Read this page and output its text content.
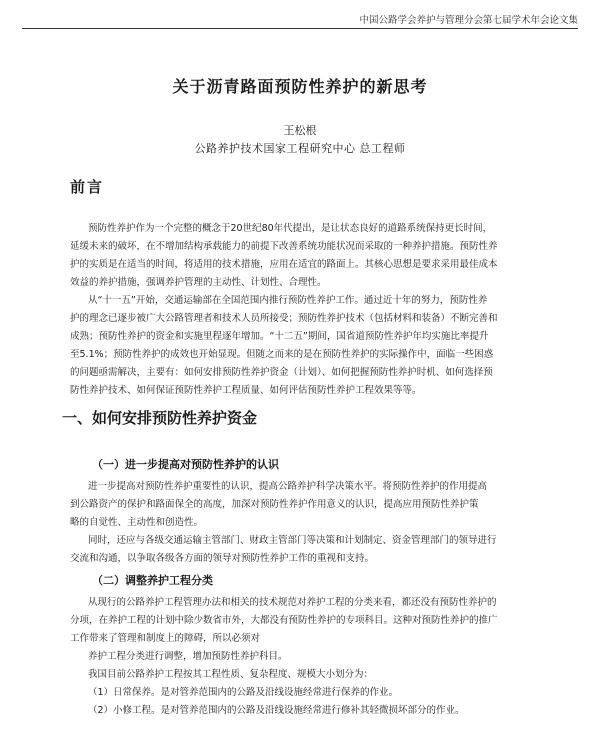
中国公路学会养护与管理分会第七届学术年会论文集
关于沥青路面预防性养护的新思考
王松根
公路养护技术国家工程研究中心 总工程师
前言
预防性养护作为一个完整的概念于20世纪80年代提出，是让状态良好的道路系统保持更长时间，
延缓未来的破坏，在不增加结构承载能力的前提下改善系统功能状况而采取的一种养护措施。预防性养
护的实质是在适当的时间，将适用的技术措施，应用在适宜的路面上。其核心思想是要求采用最佳成本
效益的养护措施，强调养护管理的主动性、计划性、合理性。
从“十一五”开始，交通运输部在全国范围内推行预防性养护工作。通过近十年的努力，预防性养
护的理念已逐步被广大公路管理者和技术人员所接受；预防性养护技术（包括材料和装备）不断完善和
成熟；预防性养护的资金和实施里程逐年增加。“十二五”期间，国省道预防性养护年均实施比率提升
至5.1%；预防性养护的成效也开始显现。但随之而来的是在预防性养护的实际操作中，面临一些困惑
的问题亟需解决，主要有：如何安排预防性养护资金（计划）、如何把握预防性养护时机、如何选择预
防性养护技术、如何保证预防性养护工程质量、如何评估预防性养护工程效果等等。
一、如何安排预防性养护资金
（一）进一步提高对预防性养护的认识
进一步提高对预防性养护重要性的认识，提高公路养护科学决策水平。将预防性养护的作用提高
到公路资产的保护和路面保全的高度，加深对预防性养护作用意义的认识，提高应用预防性养护策
略的自觉性、主动性和创造性。
同时，还应与各级交通运输主管部门、财政主管部门等决策和计划制定、资金管理部门的领导进行
交流和沟通，以争取各级各方面的领导对预防性养护工作的重视和支持。
（二）调整养护工程分类
从现行的公路养护工程管理办法和相关的技术规范对养护工程的分类来看，都还没有预防性养护的
分项，在养护工程的计划中除少数省市外，大都没有预防性养护的专项科目。这种对预防性养护的推广
工作带来了管理和制度上的障碍，所以必须对
养护工程分类进行调整，增加预防性养护科目。
我国目前公路养护工程按其工程性质、复杂程度、规模大小划分为：
（1）日常保养。是对管养范围内的公路及沿线设施经常进行保养的作业。
（2）小修工程。是对管养范围内的公路及沿线设施经常进行修补其轻微损坏部分的作业。
